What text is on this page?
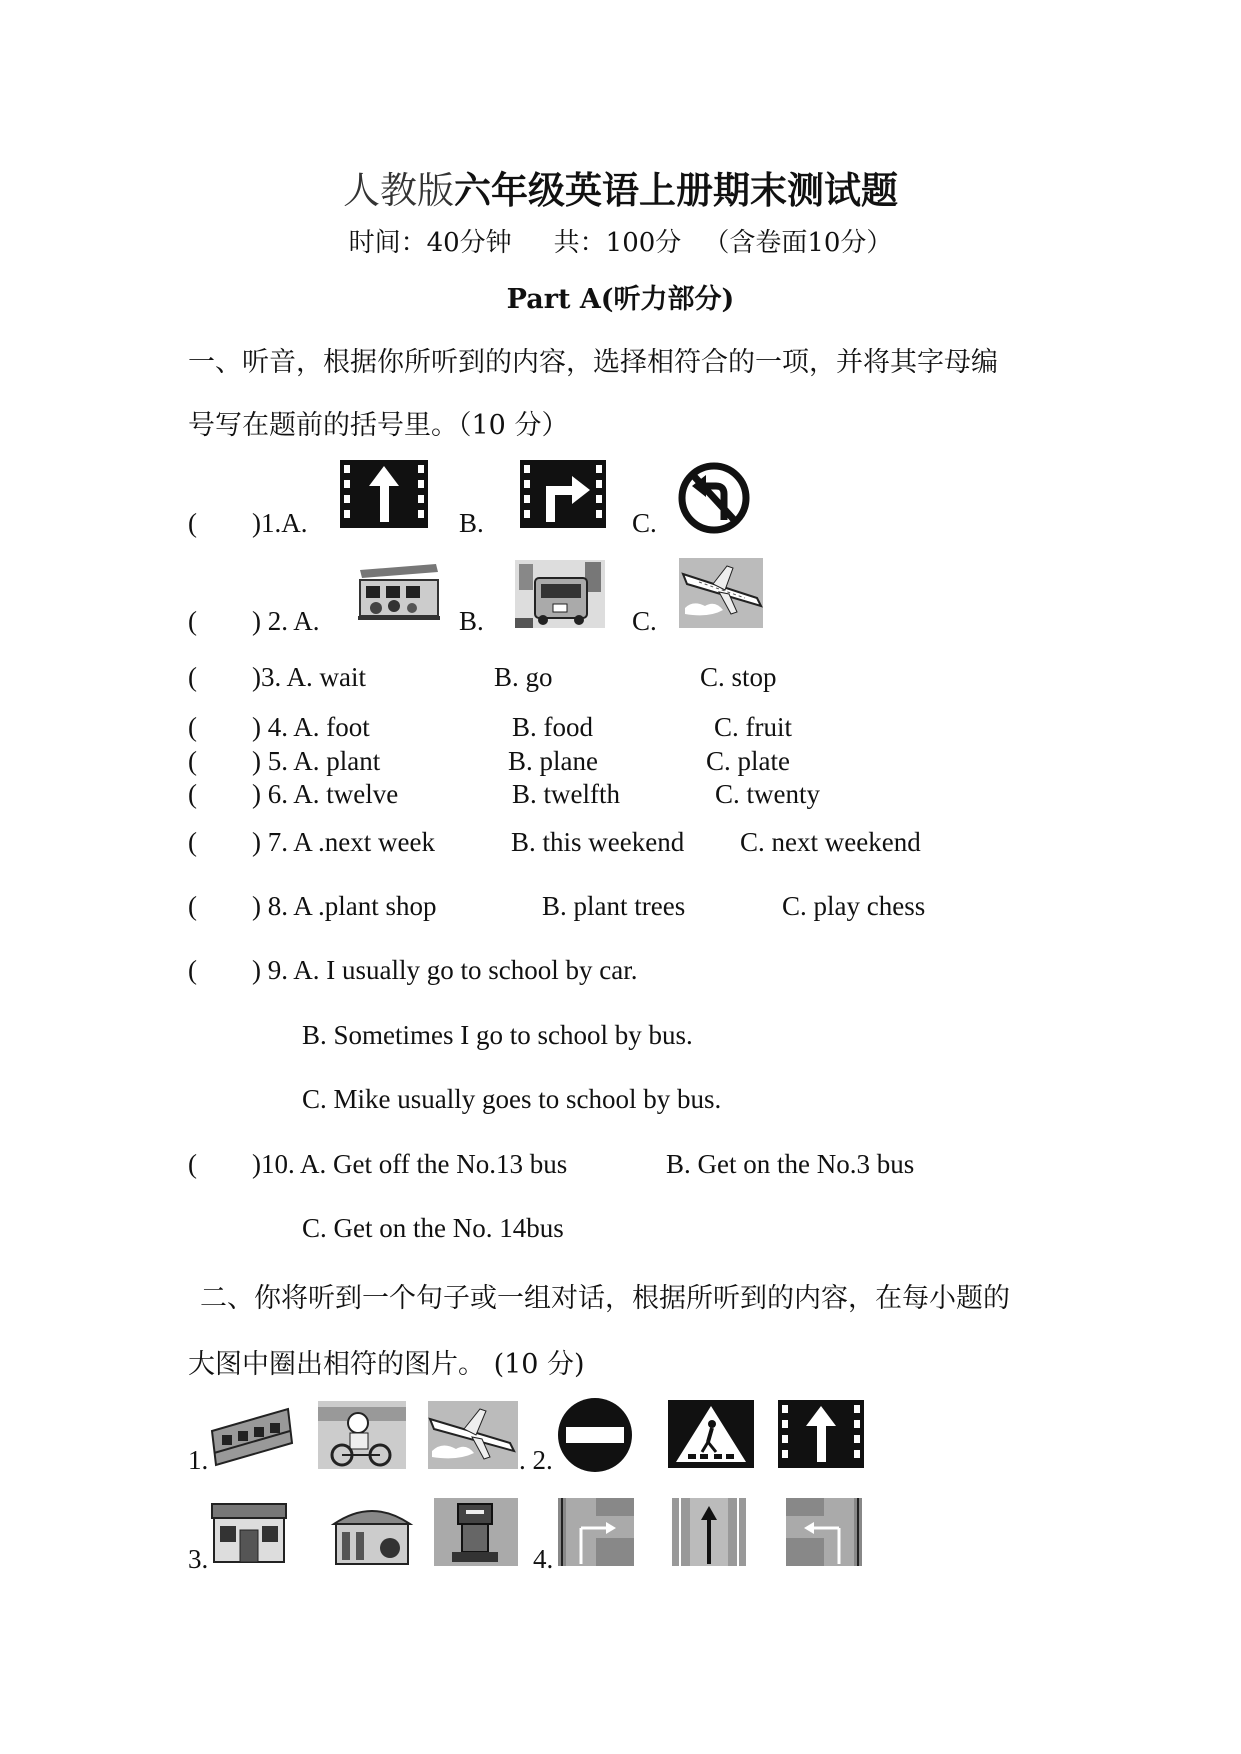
人教版六年级英语上册期末测试题
时间：40分钟 共：100分 （含卷面10分）
Part A(听力部分)
一、听音，根据你所听到的内容，选择相符合的一项，并将其字母编
号写在题前的括号里。（10 分）
( )1.A.	B.	C.
( ) 2. A.	B.	C.
( )3. A. wait	B. go	C. stop
( ) 4. A. foot	B. food	C. fruit
( ) 5. A. plant	B. plane	C. plate
( ) 6. A. twelve	B. twelfth	C. twenty
( ) 7. A .next week	B. this weekend C. next weekend
( ) 8. A .plant shop	B. plant trees	C. play chess
( ) 9. A. I usually go to school by car.
B. Sometimes I go to school by bus.
C. Mike usually goes to school by bus.
( )10. A. Get off the No.13 bus	B. Get on the No.3 bus
C. Get on the No. 14bus
二、你将听到一个句子或一组对话，根据所听到的内容，在每小题的
大图中圈出相符的图片。 (10 分)
1.	. 2.
3.	4.
